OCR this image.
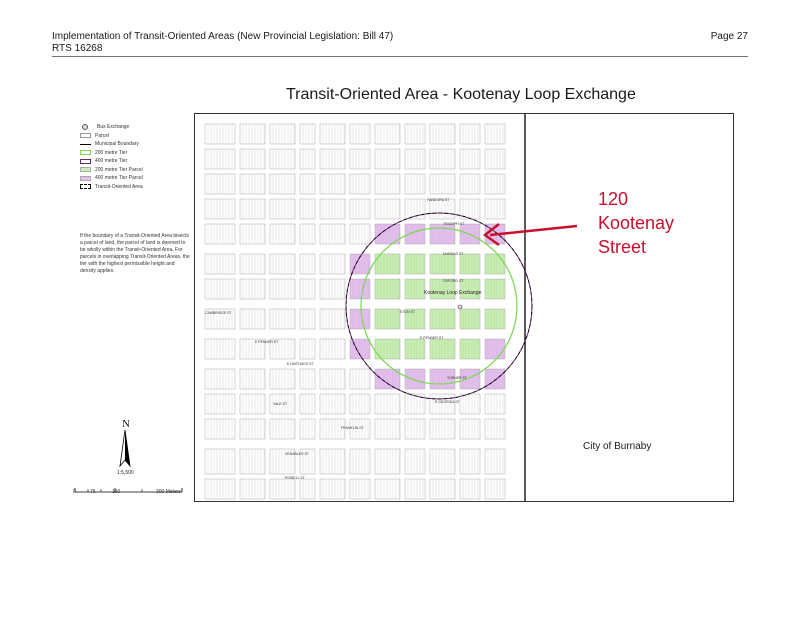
Implementation of Transit-Oriented Areas (New Provincial Legislation: Bill 47)
RTS 16268
Page 27
Transit-Oriented Area - Kootenay Loop Exchange
Bus Exchange
Parcel
Municipal Boundary
200 metre Tier
400 metre Tier
200 metre Tier Parcel
400 metre Tier Parcel
Transit-Oriented Area
If the boundary of a Transit-Oriented Area bisects a parcel of land, the parcel of land is deemed to be wholly within the Transit-Oriented Area. For parcels in overlapping Transit-Oriented Areas, the tier with the highest permissible height and density applies.
N
1:5,500
0	75	150	300 Meters
Kootenay Loop Exchange
PANDORA ST
TRIUMPH ST
DUNDAS ST
OXFORD ST
ETON ST
CAMBRIDGE ST
E PENDER ST
E PENDER ST
E HASTINGS ST
TURNER ST
E GEORGIA ST
YALE ST
FRANKLIN ST
VENABLES ST
POWELL ST
120
Kootenay
Street
City of Burnaby
